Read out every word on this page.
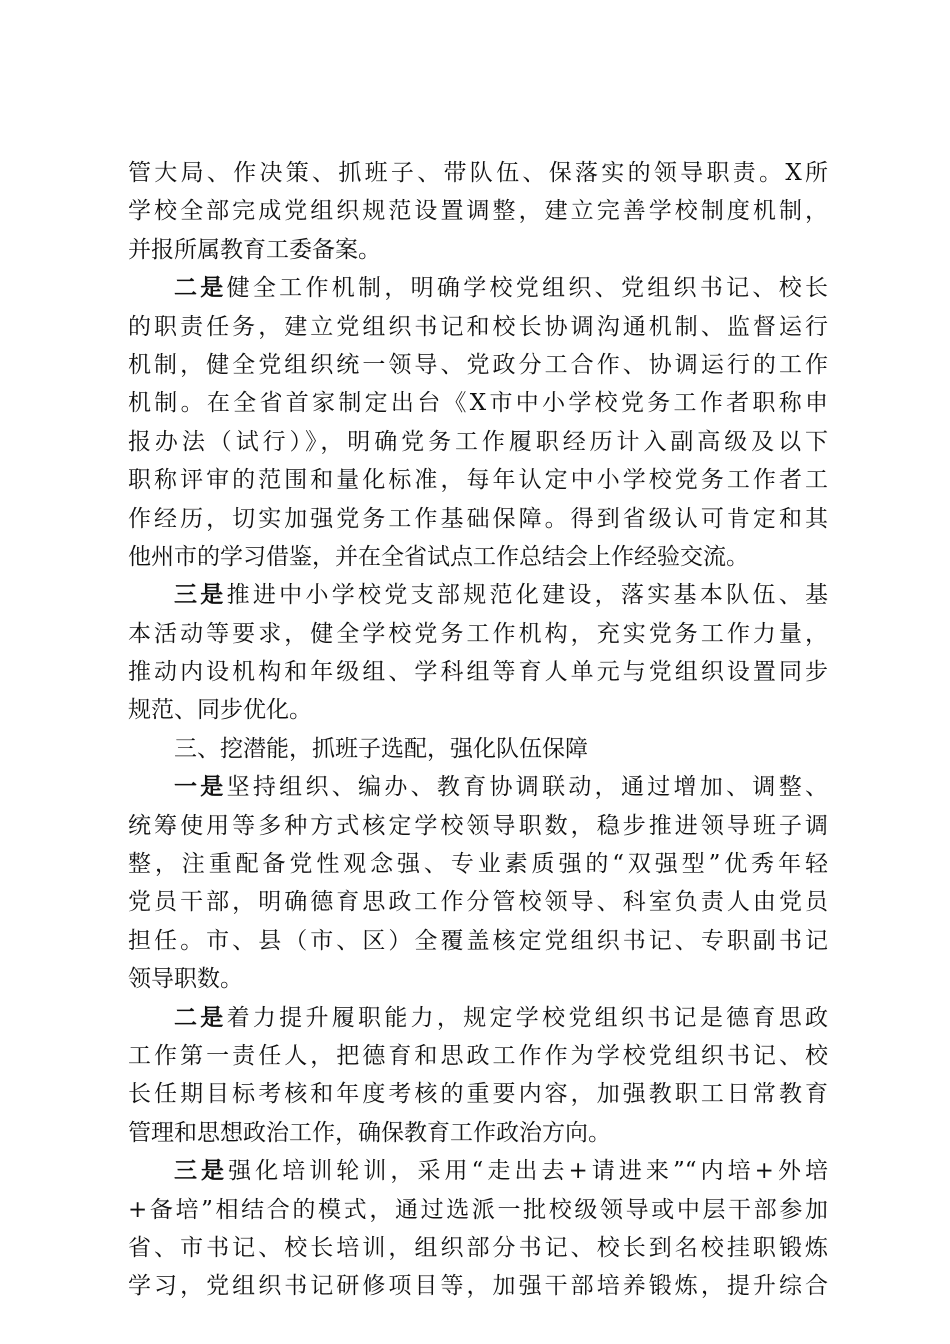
管大局、作决策、抓班子、带队伍、保落实的领导职责。X所
学校全部完成党组织规范设置调整，建立完善学校制度机制，
并报所属教育工委备案。
二是健全工作机制，明确学校党组织、党组织书记、校长
的职责任务，建立党组织书记和校长协调沟通机制、监督运行
机制，健全党组织统一领导、党政分工合作、协调运行的工作
机制。在全省首家制定出台《X市中小学校党务工作者职称申
报办法（试行）》，明确党务工作履职经历计入副高级及以下
职称评审的范围和量化标准，每年认定中小学校党务工作者工
作经历，切实加强党务工作基础保障。得到省级认可肯定和其
他州市的学习借鉴，并在全省试点工作总结会上作经验交流。
三是推进中小学校党支部规范化建设，落实基本队伍、基
本活动等要求，健全学校党务工作机构，充实党务工作力量，
推动内设机构和年级组、学科组等育人单元与党组织设置同步
规范、同步优化。
三、挖潜能，抓班子选配，强化队伍保障
一是坚持组织、编办、教育协调联动，通过增加、调整、
统筹使用等多种方式核定学校领导职数，稳步推进领导班子调
整，注重配备党性观念强、专业素质强的“双强型”优秀年轻
党员干部，明确德育思政工作分管校领导、科室负责人由党员
担任。市、县（市、区）全覆盖核定党组织书记、专职副书记
领导职数。
二是着力提升履职能力，规定学校党组织书记是德育思政
工作第一责任人，把德育和思政工作作为学校党组织书记、校
长任期目标考核和年度考核的重要内容，加强教职工日常教育
管理和思想政治工作，确保教育工作政治方向。
三是强化培训轮训，采用“走出去+请进来”“内培+外培
+备培”相结合的模式，通过选派一批校级领导或中层干部参加
省、市书记、校长培训，组织部分书记、校长到名校挂职锻炼
学习，党组织书记研修项目等，加强干部培养锻炼，提升综合
